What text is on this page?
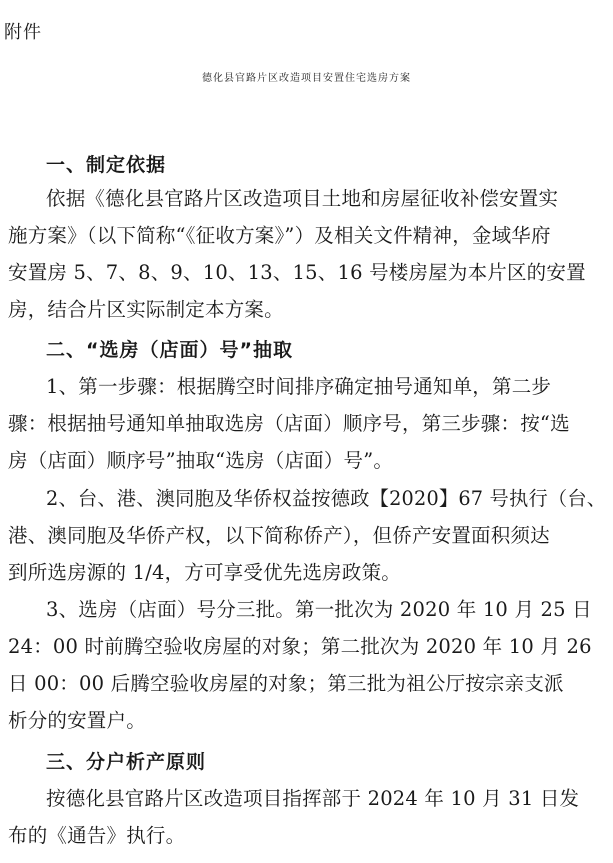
附件
德化县官路片区改造项目安置住宅选房方案
一、制定依据
依据《德化县官路片区改造项目土地和房屋征收补偿安置实
施方案》（以下简称“《征收方案》”）及相关文件精神，金域华府
安置房 5、7、8、9、10、13、15、16 号楼房屋为本片区的安置
房，结合片区实际制定本方案。
二、“选房（店面）号”抽取
1、第一步骤：根据腾空时间排序确定抽号通知单，第二步
骤：根据抽号通知单抽取选房（店面）顺序号，第三步骤：按“选
房（店面）顺序号”抽取“选房（店面）号”。
2、台、港、澳同胞及华侨权益按德政【2020】67 号执行（台、
港、澳同胞及华侨产权，以下简称侨产），但侨产安置面积须达
到所选房源的 1/4，方可享受优先选房政策。
3、选房（店面）号分三批。第一批次为 2020 年 10 月 25 日
24：00 时前腾空验收房屋的对象；第二批次为 2020 年 10 月 26
日 00：00 后腾空验收房屋的对象；第三批为祖公厅按宗亲支派
析分的安置户。
三、分户析产原则
按德化县官路片区改造项目指挥部于 2024 年 10 月 31 日发
布的《通告》执行。
